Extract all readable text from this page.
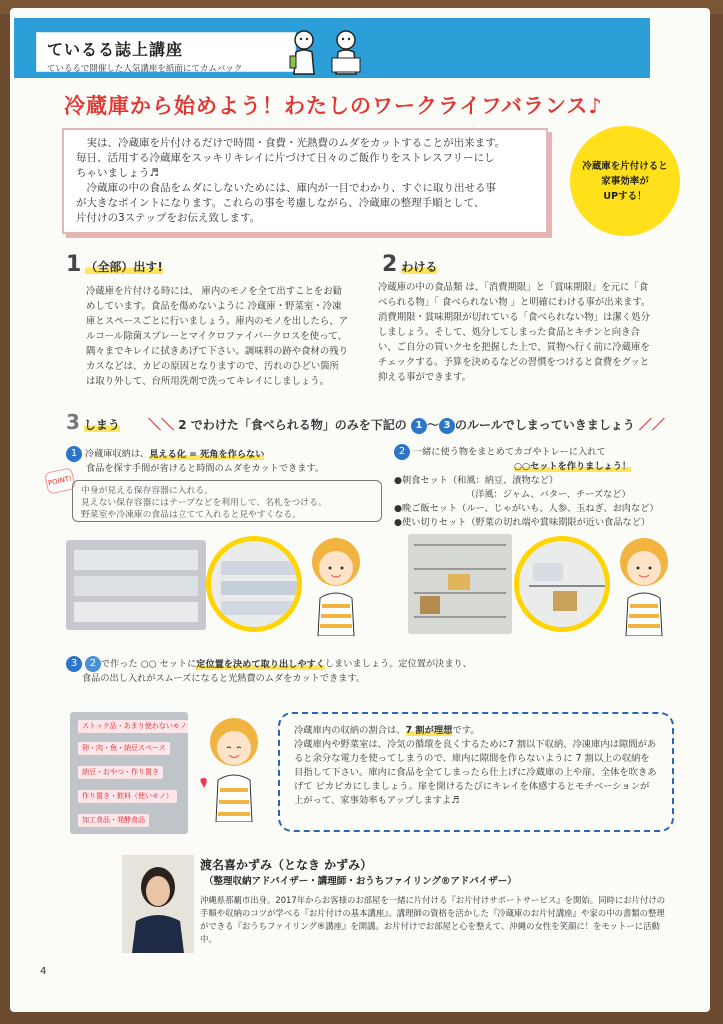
ているる誌上講座
ているるで開催した人気講座を紙面にてカムバック
冷蔵庫から始めよう！わたしのワークライフバランス♪
実は、冷蔵庫を片付けるだけで時間・食費・光熱費のムダをカットすることが出来ます。
毎日、活用する冷蔵庫をスッキリキレイに片づけて日々のご飯作りをストレスフリーにし
ちゃいましょう♬
冷蔵庫の中の食品をムダにしないためには、庫内が一目でわかり、すぐに取り出せる事
が大きなポイントになります。これらの事を考慮しながら、冷蔵庫の整理手順として、
片付けの3ステップをお伝え致します。
冷蔵庫を片付けると
家事効率が
UPする！
1 （全部）出す!
冷蔵庫を片付ける時には、 庫内のモノを全て出すことをお勧めしています。食品を傷めないように 冷蔵庫・野菜室・冷凍庫とスペースごとに行いましょう。庫内のモノを出したら、アルコール除菌スプレーとマイクロファイバークロスを使って、隅々までキレイに拭きあげて下さい。調味料の跡や食材の残りカスなどは、カビの原因となりますので、汚れのひどい箇所は取り外して、台所用洗剤で洗ってキレイにしましょう。
2 わける
冷蔵庫の中の食品類 は、「消費期限」と「賞味期限」を元に「食べられる物」「 食べられない物 」と明確にわける事が出来ます。消費期限・賞味期限が切れている「食べられない物」は潔く処分しましょう。そして、処分してしまった食品とキチンと向き合い、ご自分の買いクセを把握した上で、買物へ行く前に冷蔵庫をチェックする。予算を決めるなどの習慣をつけると食費をグッと抑える事ができます。
3 しまう ＼＼ 2 でわけた「食べられる物」のみを下記の 1 ～ 3 のルールでしまっていきましょう ／／
1 冷蔵庫収納は、見える化 = 死角を作らない
食品を探す手間が省けると時間のムダをカットできます。
POINT!
中身が見える保存容器に入れる。
見えない保存容器にはテープなどを利用して、名札をつける。
野菜室や冷凍庫の食品は立てて入れると見やすくなる。
2 一緒に使う物をまとめてカゴやトレーに入れて
○○セットを作りましょう！
●朝食セット（和風：納豆、漬物など）
（洋風：ジャム、バター、チーズなど）
●晩ご飯セット（ルー、じゃがいも、人参、玉ねぎ、お肉など）
●使い切りセット（野菜の切れ端や賞味期限が近い食品など）
3 2 で作った ○○ セットに定位置を決めて取り出しやすくしまいましょう。定位置が決まり、
食品の出し入れがスムーズになると光熱費のムダをカットできます。
ストック品・あまり使わないモノ
卵・肉・魚・納豆スペース
納豆・おやつ・作り置き
作り置き・飲料（使いモノ）
加工食品・発酵食品
冷蔵庫内の収納の割合は、7 割が理想です。
冷蔵庫内や野菜室は、冷気の循環を良くするために7 割以下収納、冷凍庫内は隙間があると余分な電力を使ってしまうので、庫内に隙間を作らないように 7 割以上の収納を目指して下さい。庫内に食品を全てしまったら仕上げに冷蔵庫の上や扉、全体を吹きあげて ピカピカにしましょう。扉を開けるたびにキレイを体感するとモチベーションが上がって、家事効率もアップしますよ♬
渡名喜かずみ（となき かずみ）
（整理収納アドバイザー・講理師・おうちファイリング®アドバイザー）
沖縄県那覇市出身。2017年からお客様のお部屋を一緒に片付ける『お片付けサポートサービス』を開始。同時にお片付けの手順や収納のコツが学べる『お片付けの基本講座』、講理師の資格を活かした『冷蔵庫のお片付講座』や家の中の書類の整理ができる『おうちファイリング®講座』を開講。お片付けでお部屋と心を整えて、沖縄の女性を笑顔に！をモットーに活動中。
4
